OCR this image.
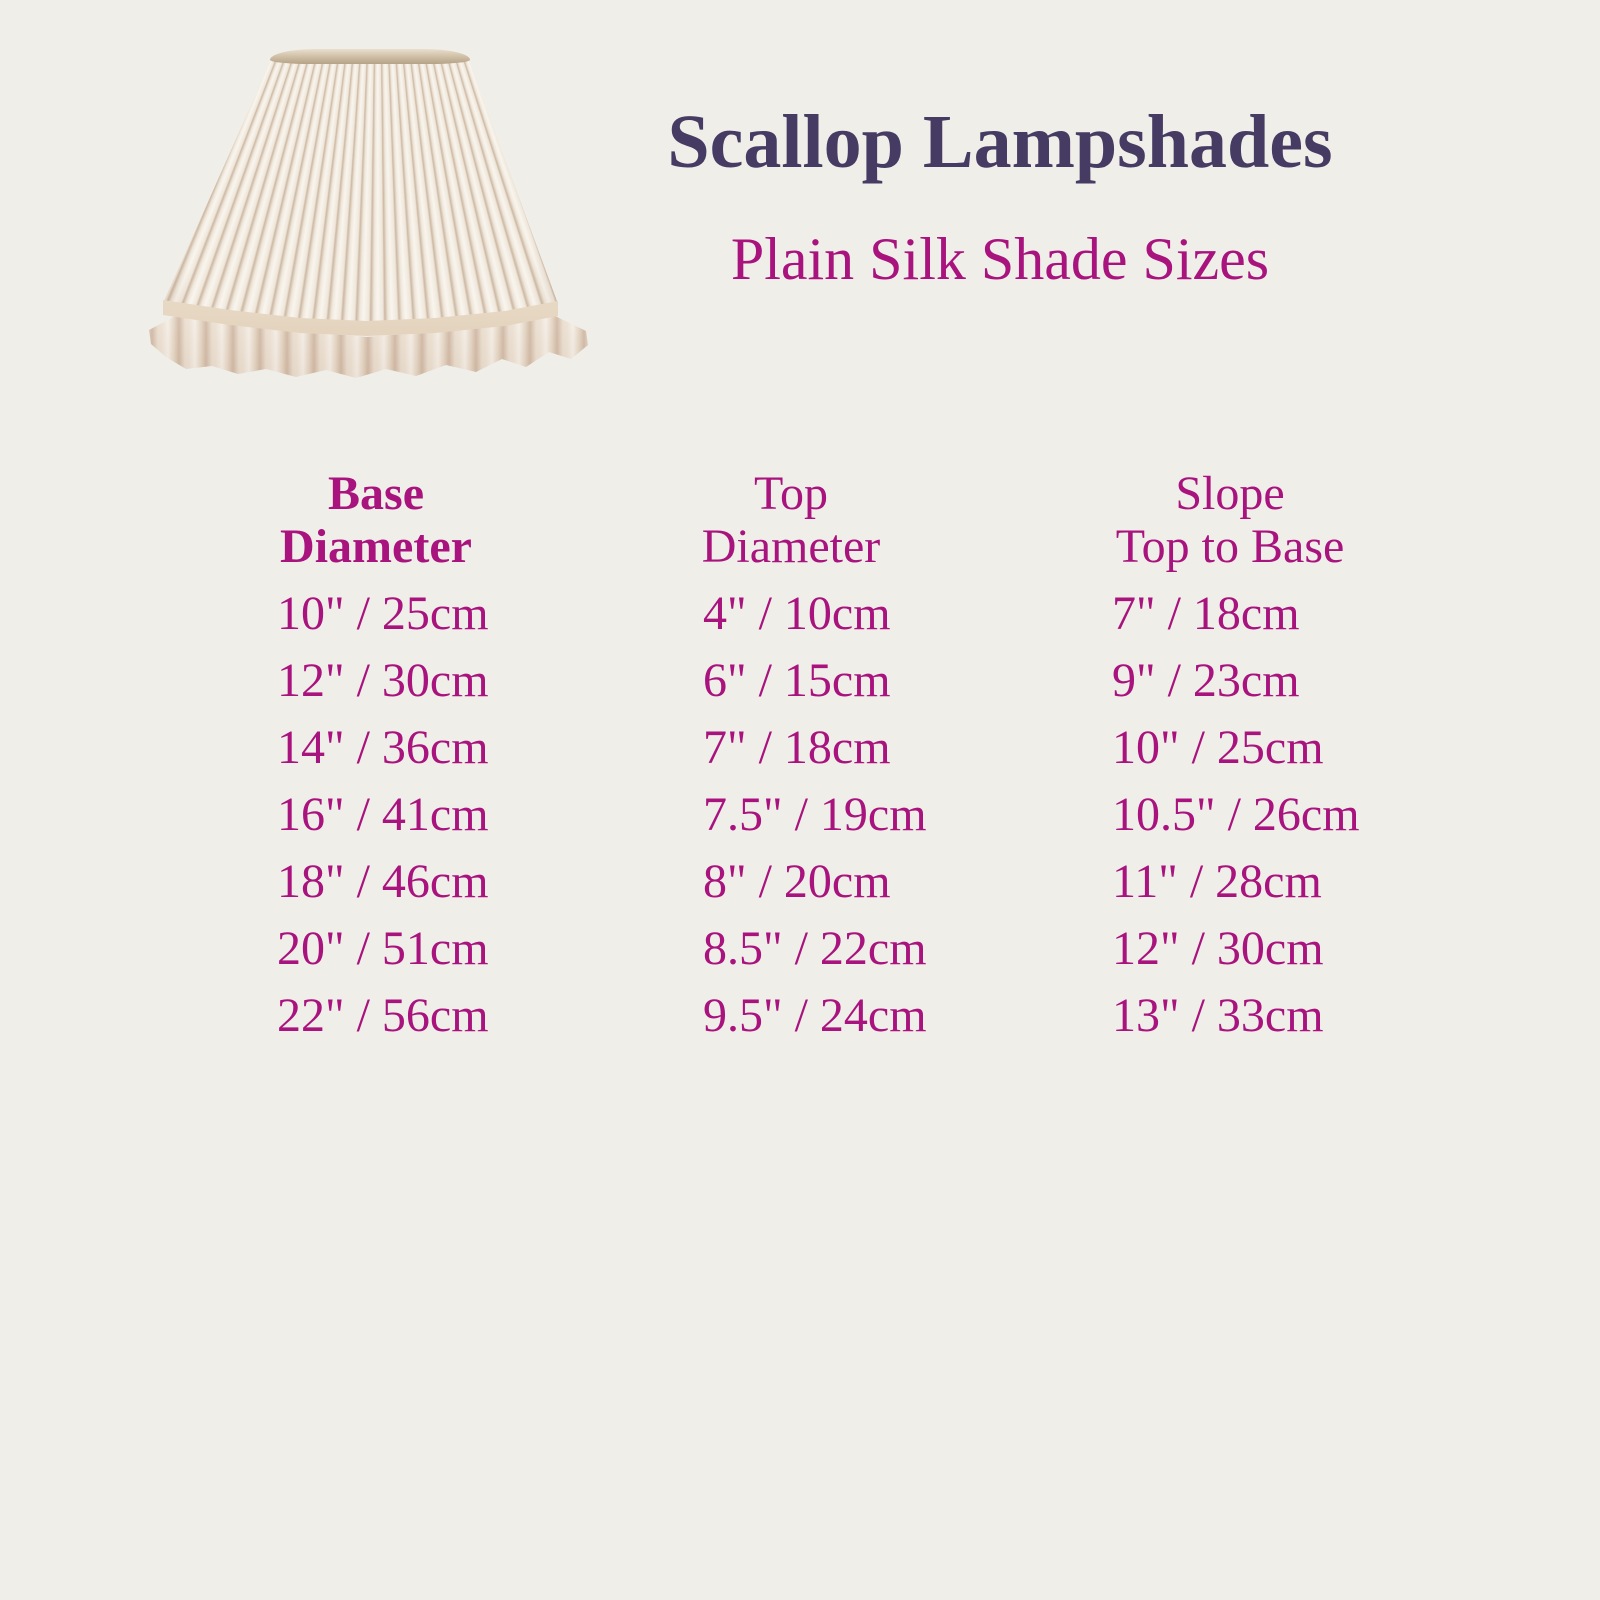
Scallop Lampshades
Plain Silk Shade Sizes
Base
Diameter
10" / 25cm
12" / 30cm
14" / 36cm
16" / 41cm
18" / 46cm
20" / 51cm
22" / 56cm
Top
Diameter
4" / 10cm
6" / 15cm
7" / 18cm
7.5" / 19cm
8" / 20cm
8.5" / 22cm
9.5" / 24cm
Slope
Top to Base
7" / 18cm
9" / 23cm
10" / 25cm
10.5" / 26cm
11" / 28cm
12" / 30cm
13" / 33cm
